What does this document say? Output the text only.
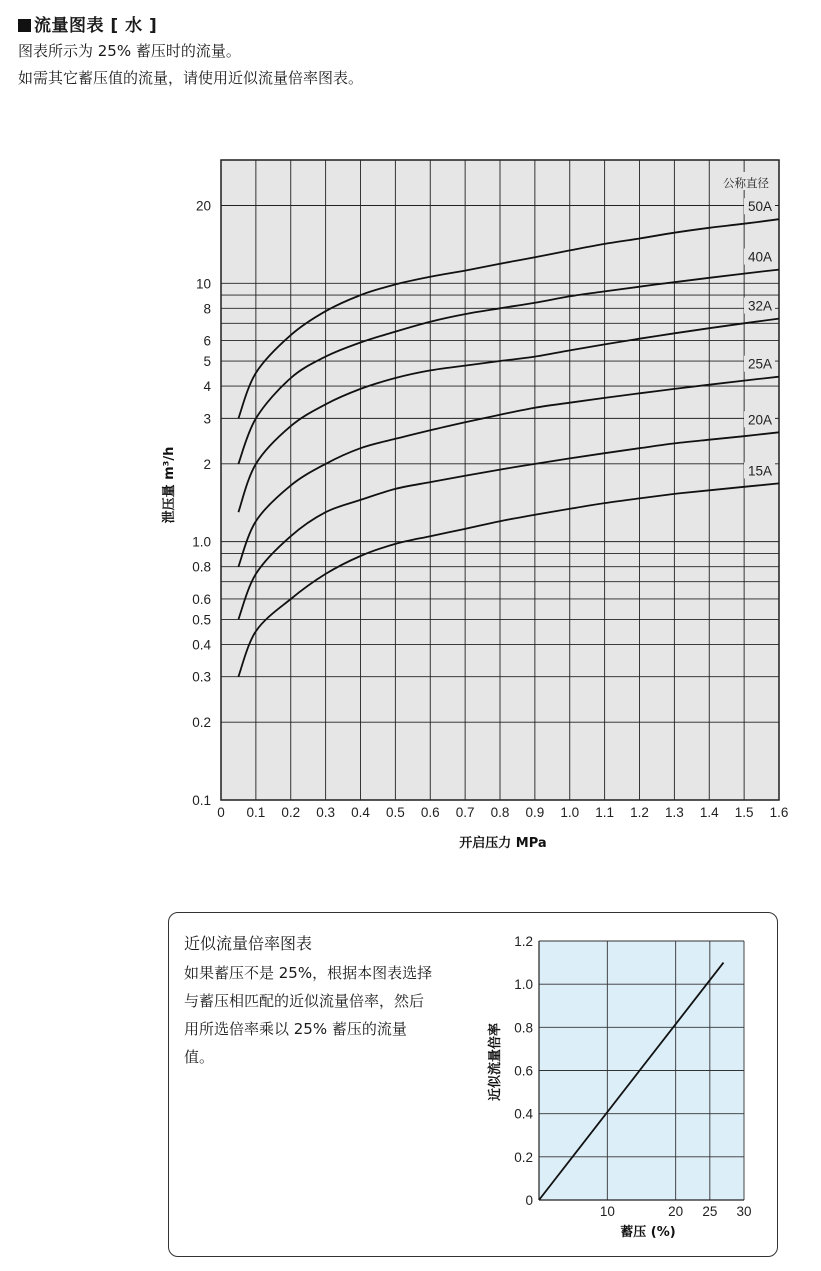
流量图表 [ 水 ]
图表所示为 25% 蓄压时的流量。
如需其它蓄压值的流量，请使用近似流量倍率图表。
0 0.1 0.2 0.3 0.4 0.5 0.6 0.7 0.8 0.9 1.0 1.1 1.2 1.3 1.4 1.5 1.6
0.1
0.2
0.3
0.4
0.5
0.6
0.8
1.0
2
3
4
5
6
8
10
20
开启压力 MPa
泄压量 m³/h
公称直径
50A
40A
32A
25A
20A
15A
近似流量倍率图表
如果蓄压不是 25%，根据本图表选择与蓄压相匹配的近似流量倍率，然后用所选倍率乘以 25% 蓄压的流量值。
0
0.2
0.4
0.6
0.8
1.0
1.2
10	20 25 30
蓄压 (%)
近似流量倍率
